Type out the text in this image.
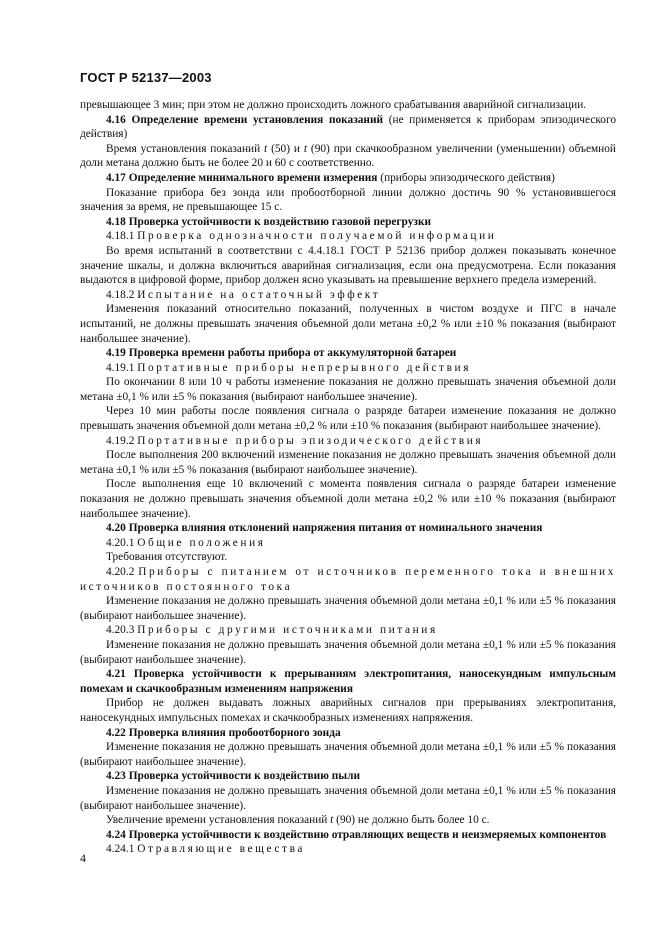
ГОСТ Р 52137—2003

превышающее 3 мин; при этом не должно происходить ложного срабатывания аварийной сигнализации.

4.16 Определение времени установления показаний (не применяется к приборам эпизодического действия)

Время установления показаний t (50) и t (90) при скачкообразном увеличении (уменьшении) объемной доли метана должно быть не более 20 и 60 с соответственно.

4.17 Определение минимального времени измерения (приборы эпизодического действия)

Показание прибора без зонда или пробоотборной линии должно достичь 90 % установившегося значения за время, не превышающее 15 с.

4.18 Проверка устойчивости к воздействию газовой перегрузки

4.18.1 Проверка однозначности получаемой информации

Во время испытаний в соответствии с 4.4.18.1 ГОСТ Р 52136 прибор должен показывать конечное значение шкалы, и должна включиться аварийная сигнализация, если она предусмотрена. Если показания выдаются в цифровой форме, прибор должен ясно указывать на превышение верхнего предела измерений.

4.18.2 Испытание на остаточный эффект

Изменения показаний относительно показаний, полученных в чистом воздухе и ПГС в начале испытаний, не должны превышать значения объемной доли метана ±0,2 % или ±10 % показания (выбирают наибольшее значение).

4.19 Проверка времени работы прибора от аккумуляторной батареи

4.19.1 Портативные приборы непрерывного действия

По окончании 8 или 10 ч работы изменение показания не должно превышать значения объемной доли метана ±0,1 % или ±5 % показания (выбирают наибольшее значение).

Через 10 мин работы после появления сигнала о разряде батареи изменение показания не должно превышать значения объемной доли метана ±0,2 % или ±10 % показания (выбирают наибольшее значение).

4.19.2 Портативные приборы эпизодического действия

После выполнения 200 включений изменение показания не должно превышать значения объемной доли метана ±0,1 % или ±5 % показания (выбирают наибольшее значение).

После выполнения еще 10 включений с момента появления сигнала о разряде батареи изменение показания не должно превышать значения объемной доли метана ±0,2 % или ±10 % показания (выбирают наибольшее значение).

4.20 Проверка влияния отклонений напряжения питания от номинального значения

4.20.1 Общие положения

Требования отсутствуют.

4.20.2 Приборы с питанием от источников переменного тока и внешних источников постоянного тока

Изменение показания не должно превышать значения объемной доли метана ±0,1 % или ±5 % показания (выбирают наибольшее значение).

4.20.3 Приборы с другими источниками питания

Изменение показания не должно превышать значения объемной доли метана ±0,1 % или ±5 % показания (выбирают наибольшее значение).

4.21 Проверка устойчивости к прерываниям электропитания, наносекундным импульсным помехам и скачкообразным изменениям напряжения

Прибор не должен выдавать ложных аварийных сигналов при прерываниях электропитания, наносекундных импульсных помехах и скачкообразных изменениях напряжения.

4.22 Проверка влияния пробоотборного зонда

Изменение показания не должно превышать значения объемной доли метана ±0,1 % или ±5 % показания (выбирают наибольшее значение).

4.23 Проверка устойчивости к воздействию пыли

Изменение показания не должно превышать значения объемной доли метана ±0,1 % или ±5 % показания (выбирают наибольшее значение).

Увеличение времени установления показаний t (90) не должно быть более 10 с.

4.24 Проверка устойчивости к воздействию отравляющих веществ и неизмеряемых компонентов

4.24.1 Отравляющие вещества

4
